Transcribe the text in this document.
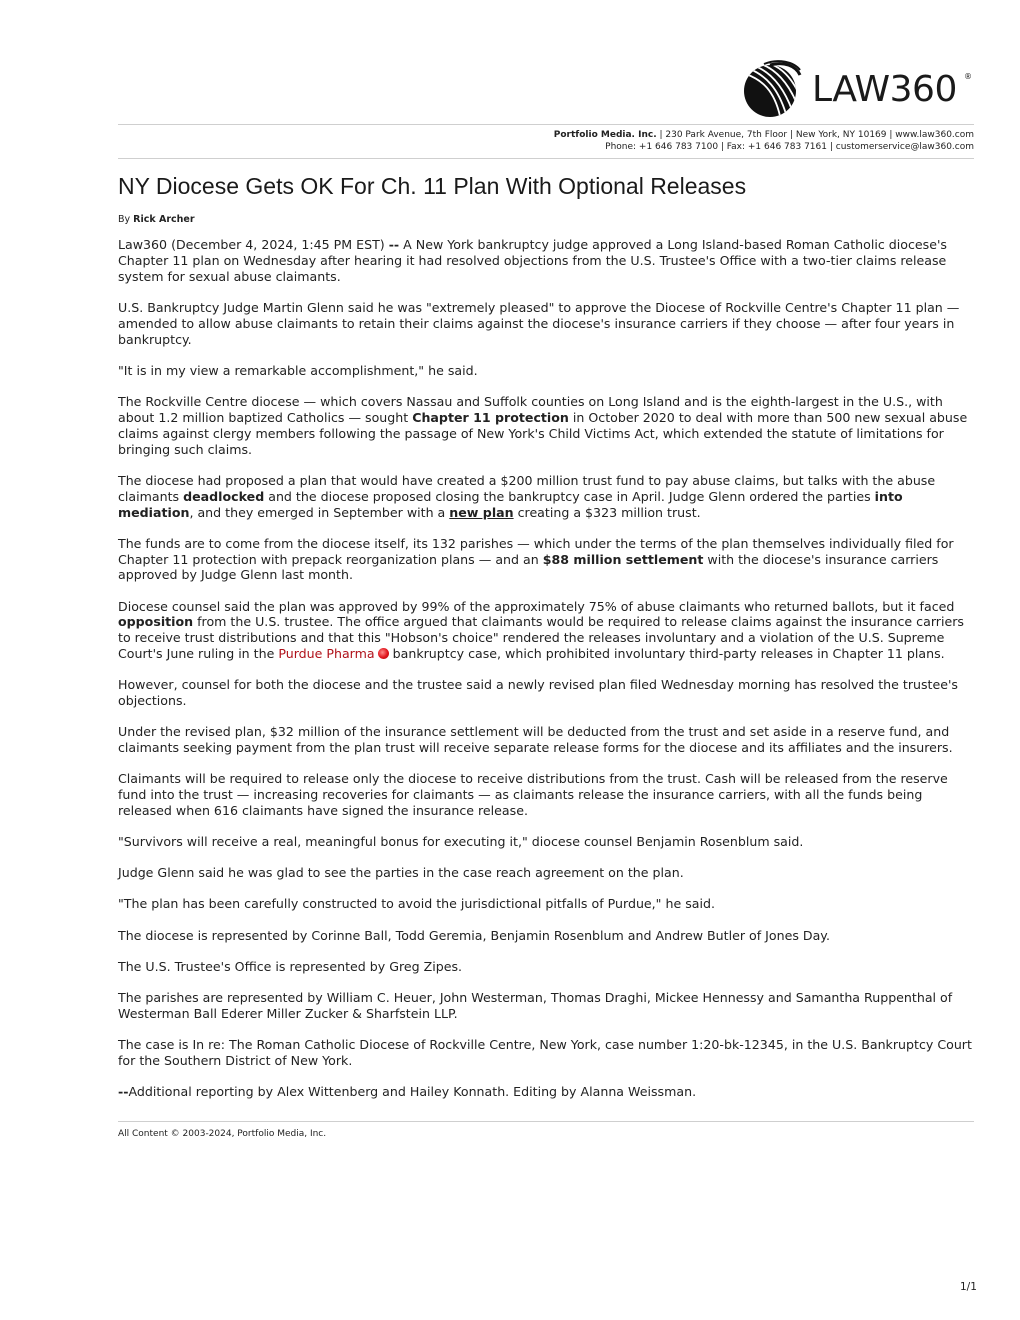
LAW360 ®
Portfolio Media. Inc. | 230 Park Avenue, 7th Floor | New York, NY 10169 | www.law360.com
Phone: +1 646 783 7100 | Fax: +1 646 783 7161 | customerservice@law360.com
NY Diocese Gets OK For Ch. 11 Plan With Optional Releases
By Rick Archer

Law360 (December 4, 2024, 1:45 PM EST) -- A New York bankruptcy judge approved a Long Island-based Roman Catholic diocese's Chapter 11 plan on Wednesday after hearing it had resolved objections from the U.S. Trustee's Office with a two-tier claims release system for sexual abuse claimants.

U.S. Bankruptcy Judge Martin Glenn said he was "extremely pleased" to approve the Diocese of Rockville Centre's Chapter 11 plan — amended to allow abuse claimants to retain their claims against the diocese's insurance carriers if they choose — after four years in bankruptcy.

"It is in my view a remarkable accomplishment," he said.

The Rockville Centre diocese — which covers Nassau and Suffolk counties on Long Island and is the eighth-largest in the U.S., with about 1.2 million baptized Catholics — sought Chapter 11 protection in October 2020 to deal with more than 500 new sexual abuse claims against clergy members following the passage of New York's Child Victims Act, which extended the statute of limitations for bringing such claims.

The diocese had proposed a plan that would have created a $200 million trust fund to pay abuse claims, but talks with the abuse claimants deadlocked and the diocese proposed closing the bankruptcy case in April. Judge Glenn ordered the parties into mediation, and they emerged in September with a new plan creating a $323 million trust.

The funds are to come from the diocese itself, its 132 parishes — which under the terms of the plan themselves individually filed for Chapter 11 protection with prepack reorganization plans — and an $88 million settlement with the diocese's insurance carriers approved by Judge Glenn last month.

Diocese counsel said the plan was approved by 99% of the approximately 75% of abuse claimants who returned ballots, but it faced opposition from the U.S. trustee. The office argued that claimants would be required to release claims against the insurance carriers to receive trust distributions and that this "Hobson's choice" rendered the releases involuntary and a violation of the U.S. Supreme Court's June ruling in the Purdue Pharma bankruptcy case, which prohibited involuntary third-party releases in Chapter 11 plans.

However, counsel for both the diocese and the trustee said a newly revised plan filed Wednesday morning has resolved the trustee's objections.

Under the revised plan, $32 million of the insurance settlement will be deducted from the trust and set aside in a reserve fund, and claimants seeking payment from the plan trust will receive separate release forms for the diocese and its affiliates and the insurers.

Claimants will be required to release only the diocese to receive distributions from the trust. Cash will be released from the reserve fund into the trust — increasing recoveries for claimants — as claimants release the insurance carriers, with all the funds being released when 616 claimants have signed the insurance release.

"Survivors will receive a real, meaningful bonus for executing it," diocese counsel Benjamin Rosenblum said.

Judge Glenn said he was glad to see the parties in the case reach agreement on the plan.

"The plan has been carefully constructed to avoid the jurisdictional pitfalls of Purdue," he said.

The diocese is represented by Corinne Ball, Todd Geremia, Benjamin Rosenblum and Andrew Butler of Jones Day.

The U.S. Trustee's Office is represented by Greg Zipes.

The parishes are represented by William C. Heuer, John Westerman, Thomas Draghi, Mickee Hennessy and Samantha Ruppenthal of Westerman Ball Ederer Miller Zucker & Sharfstein LLP.

The case is In re: The Roman Catholic Diocese of Rockville Centre, New York, case number 1:20-bk-12345, in the U.S. Bankruptcy Court for the Southern District of New York.

--Additional reporting by Alex Wittenberg and Hailey Konnath. Editing by Alanna Weissman.

All Content © 2003-2024, Portfolio Media, Inc.
1/1
